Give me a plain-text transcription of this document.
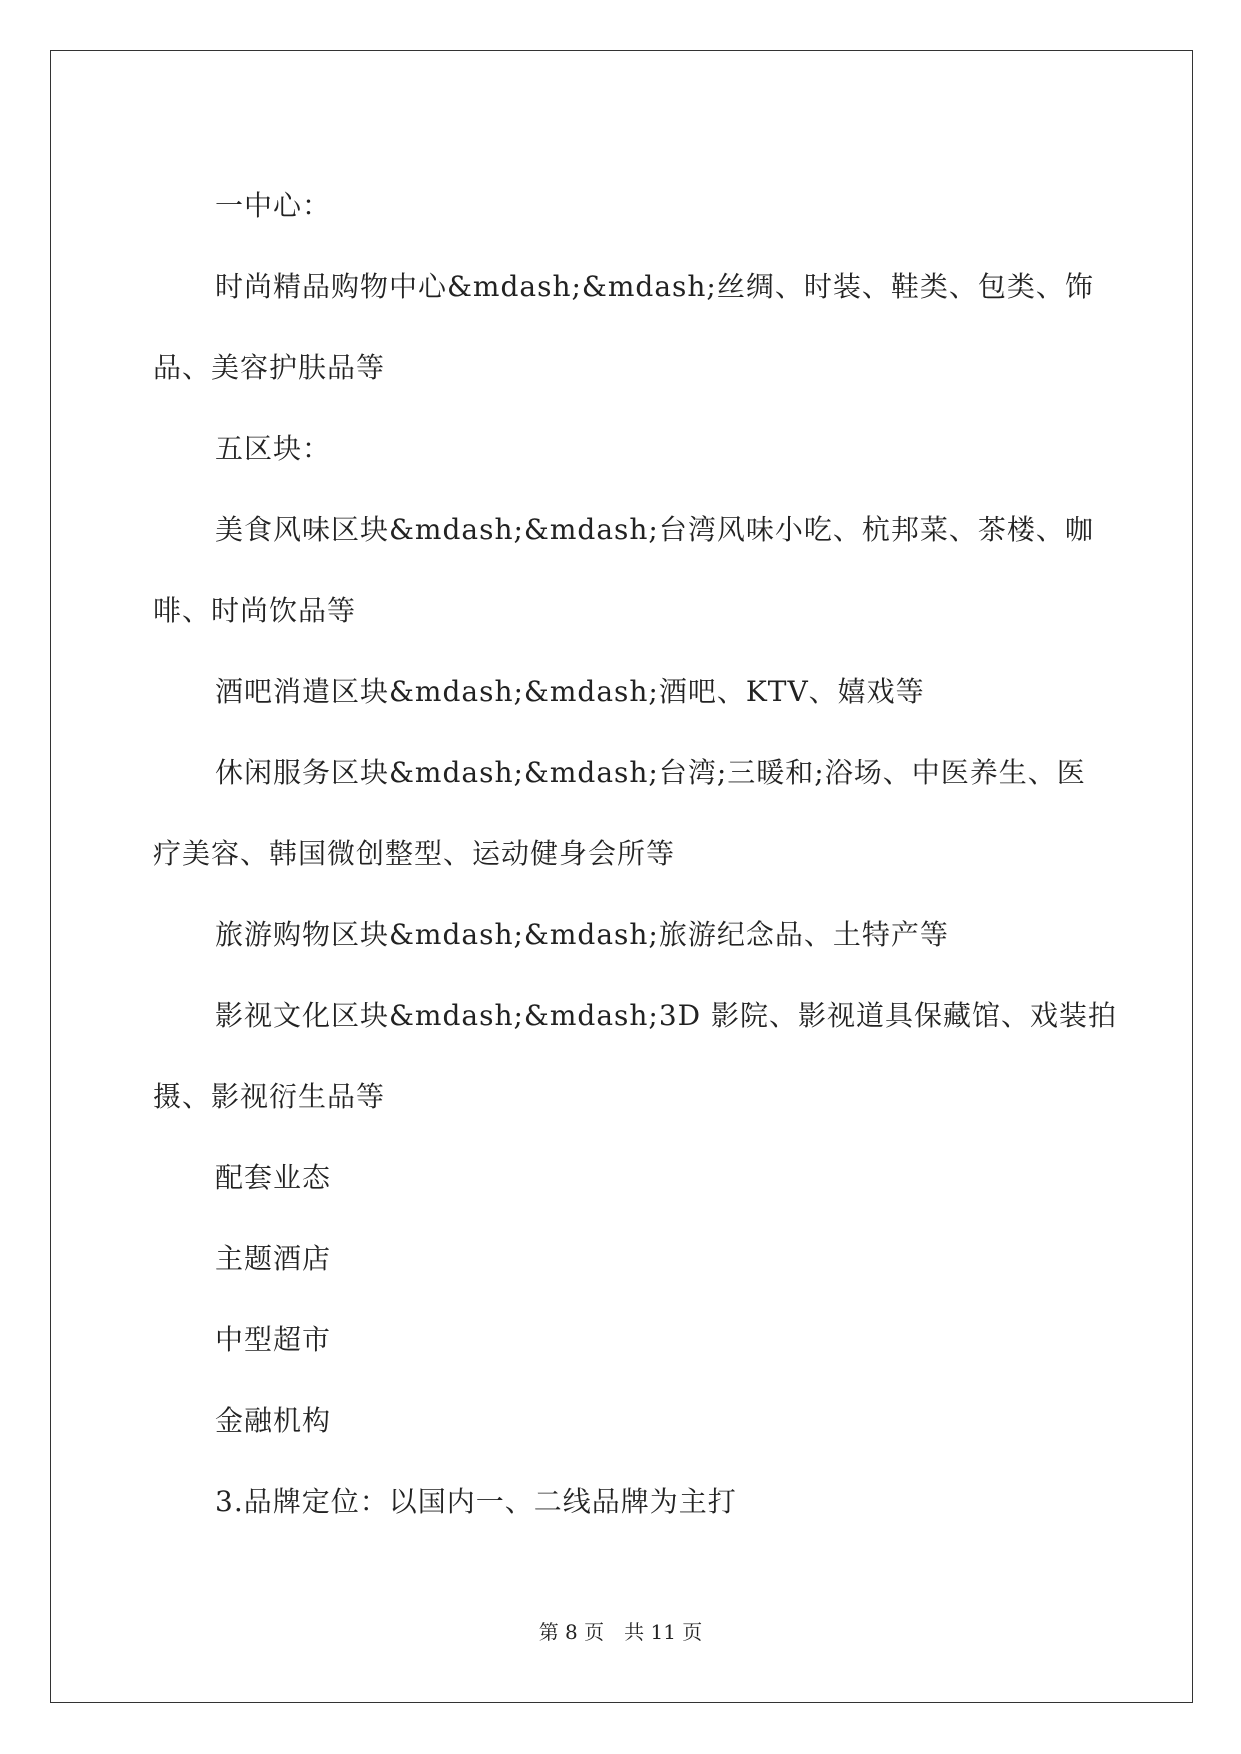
一中心：

时尚精品购物中心&mdash;&mdash;丝绸、时装、鞋类、包类、饰

品、美容护肤品等

五区块：

美食风味区块&mdash;&mdash;台湾风味小吃、杭邦菜、茶楼、咖

啡、时尚饮品等

酒吧消遣区块&mdash;&mdash;酒吧、KTV、嬉戏等

休闲服务区块&mdash;&mdash;台湾;三暖和;浴场、中医养生、医

疗美容、韩国微创整型、运动健身会所等

旅游购物区块&mdash;&mdash;旅游纪念品、土特产等

影视文化区块&mdash;&mdash;3D 影院、影视道具保藏馆、戏装拍

摄、影视衍生品等

配套业态

主题酒店

中型超市

金融机构

3.品牌定位：以国内一、二线品牌为主打

第 8 页　共 11 页
